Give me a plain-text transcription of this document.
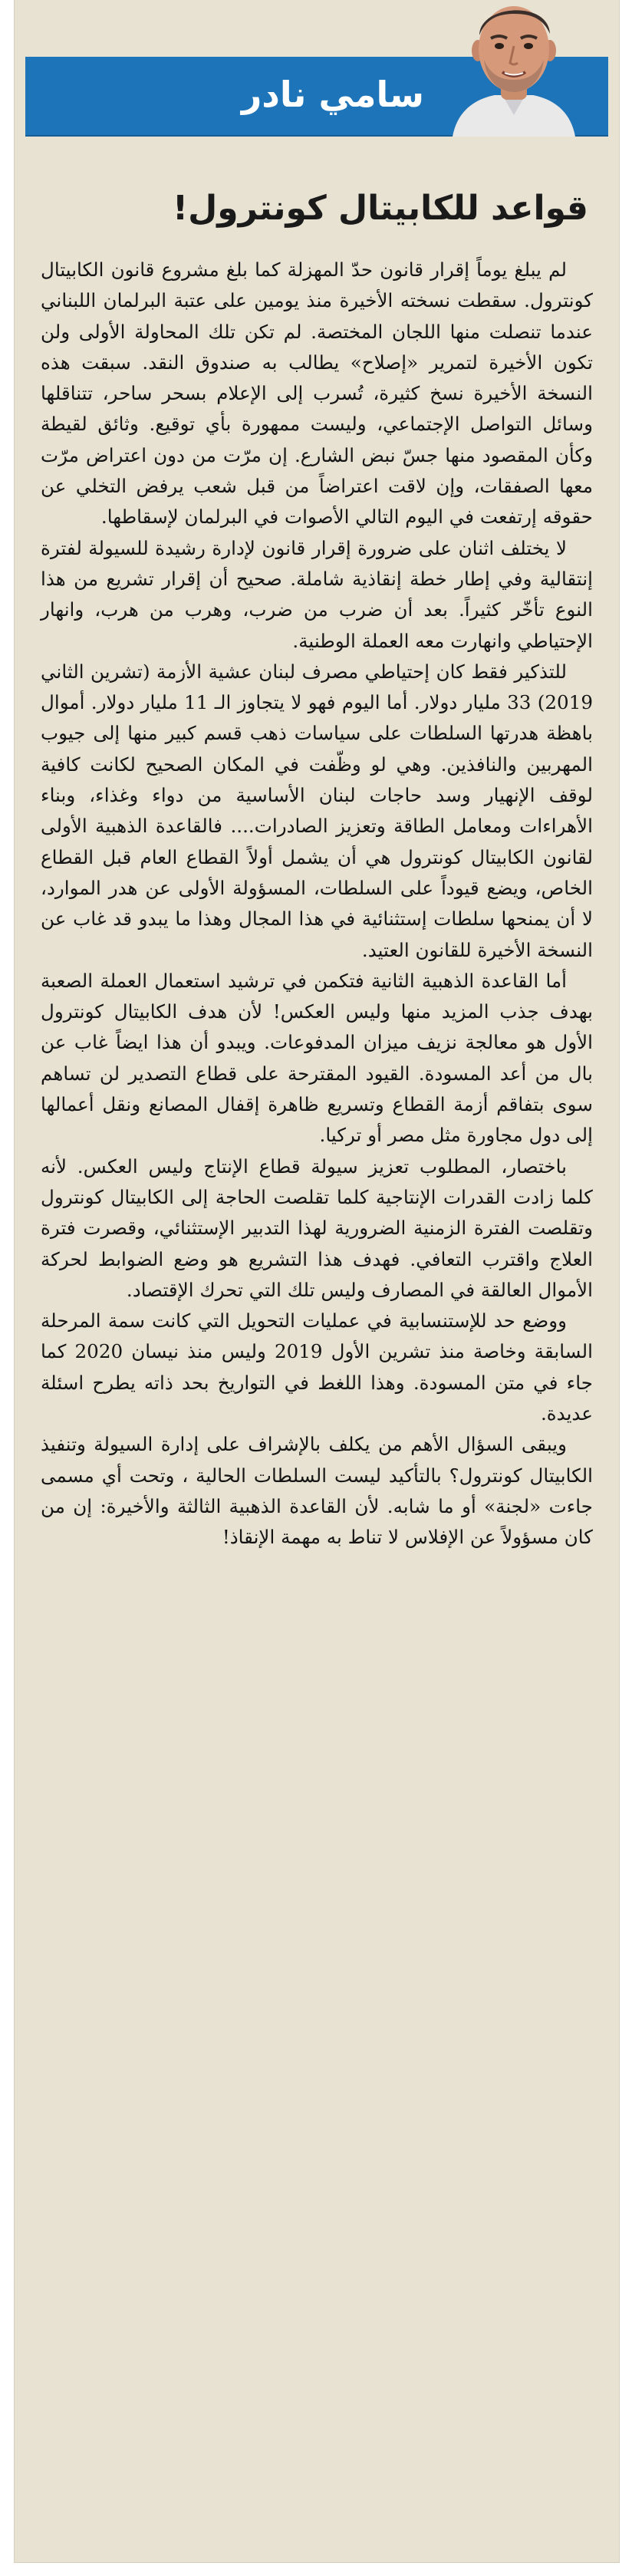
سامي نادر
قواعد للكابيتال كونترول!

لم يبلغ يوماً إقرار قانون حدّ المهزلة كما بلغ مشروع قانون الكابيتال كونترول. سقطت نسخته الأخيرة منذ يومين على عتبة البرلمان اللبناني عندما تنصلت منها اللجان المختصة. لم تكن تلك المحاولة الأولى ولن تكون الأخيرة لتمرير «إصلاح» يطالب به صندوق النقد. سبقت هذه النسخة الأخيرة نسخ كثيرة، تُسرب إلى الإعلام بسحر ساحر، تتناقلها وسائل التواصل الإجتماعي، وليست ممهورة بأي توقيع. وثائق لقيطة وكأن المقصود منها جسّ نبض الشارع. إن مرّت من دون اعتراض مرّت معها الصفقات، وإن لاقت اعتراضاً من قبل شعب يرفض التخلي عن حقوقه إرتفعت في اليوم التالي الأصوات في البرلمان لإسقاطها.

لا يختلف اثنان على ضرورة إقرار قانون لإدارة رشيدة للسيولة لفترة إنتقالية وفي إطار خطة إنقاذية شاملة. صحيح أن إقرار تشريع من هذا النوع تأخّر كثيراً. بعد أن ضرب من ضرب، وهرب من هرب، وانهار الإحتياطي وانهارت معه العملة الوطنية.

للتذكير فقط كان إحتياطي مصرف لبنان عشية الأزمة (تشرين الثاني 2019) 33 مليار دولار. أما اليوم فهو لا يتجاوز الـ 11 مليار دولار. أموال باهظة هدرتها السلطات على سياسات ذهب قسم كبير منها إلى جيوب المهربين والنافذين. وهي لو وظّفت في المكان الصحيح لكانت كافية لوقف الإنهيار وسد حاجات لبنان الأساسية من دواء وغذاء، وبناء الأهراءات ومعامل الطاقة وتعزيز الصادرات.... فالقاعدة الذهبية الأولى لقانون الكابيتال كونترول هي أن يشمل أولاً القطاع العام قبل القطاع الخاص، ويضع قيوداً على السلطات، المسؤولة الأولى عن هدر الموارد، لا أن يمنحها سلطات إستثنائية في هذا المجال وهذا ما يبدو قد غاب عن النسخة الأخيرة للقانون العتيد.

أما القاعدة الذهبية الثانية فتكمن في ترشيد استعمال العملة الصعبة بهدف جذب المزيد منها وليس العكس! لأن هدف الكابيتال كونترول الأول هو معالجة نزيف ميزان المدفوعات. ويبدو أن هذا ايضاً غاب عن بال من أعد المسودة. القيود المقترحة على قطاع التصدير لن تساهم سوى بتفاقم أزمة القطاع وتسريع ظاهرة إقفال المصانع ونقل أعمالها إلى دول مجاورة مثل مصر أو تركيا.

باختصار، المطلوب تعزيز سيولة قطاع الإنتاج وليس العكس. لأنه كلما زادت القدرات الإنتاجية كلما تقلصت الحاجة إلى الكابيتال كونترول وتقلصت الفترة الزمنية الضرورية لهذا التدبير الإستثنائي، وقصرت فترة العلاج واقترب التعافي. فهدف هذا التشريع هو وضع الضوابط لحركة الأموال العالقة في المصارف وليس تلك التي تحرك الإقتصاد.

ووضع حد للإستنسابية في عمليات التحويل التي كانت سمة المرحلة السابقة وخاصة منذ تشرين الأول 2019 وليس منذ نيسان 2020 كما جاء في متن المسودة. وهذا اللغط في التواريخ بحد ذاته يطرح اسئلة عديدة.

ويبقى السؤال الأهم من يكلف بالإشراف على إدارة السيولة وتنفيذ الكابيتال كونترول؟ بالتأكيد ليست السلطات الحالية ، وتحت أي مسمى جاءت «لجنة» أو ما شابه. لأن القاعدة الذهبية الثالثة والأخيرة: إن من كان مسؤولاً عن الإفلاس لا تناط به مهمة الإنقاذ!
